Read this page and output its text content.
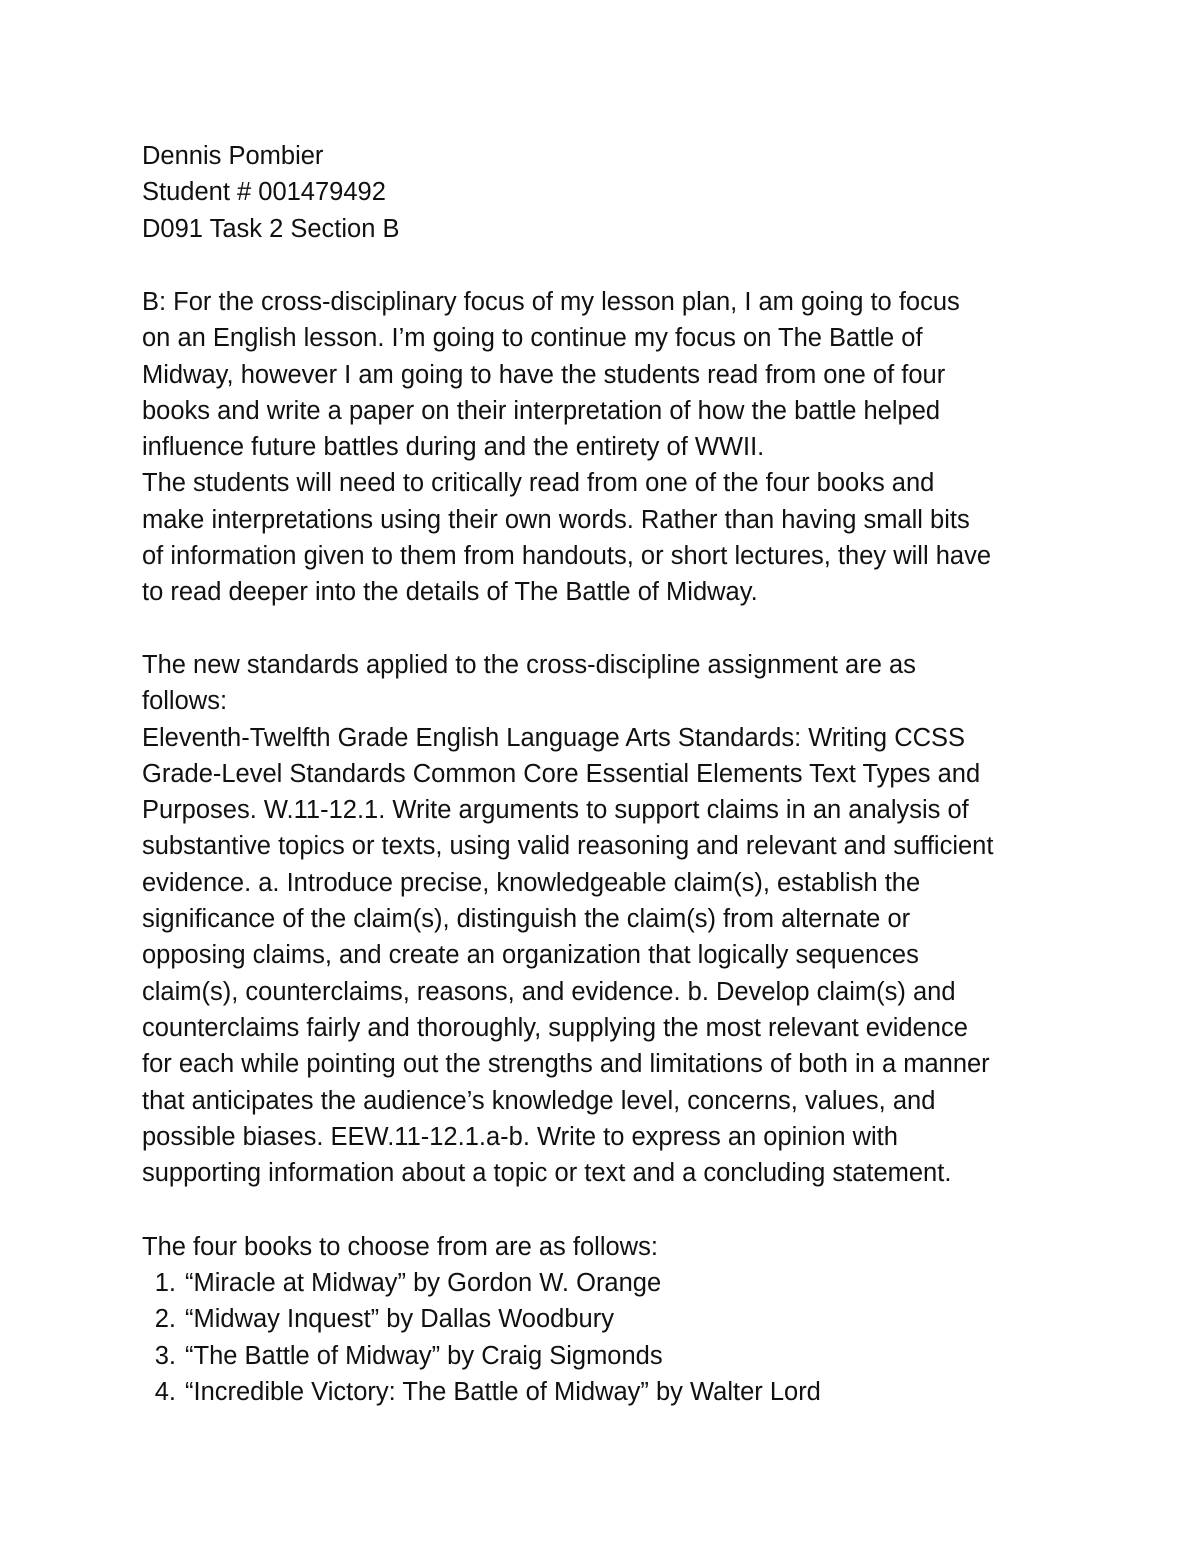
Dennis Pombier
Student # 001479492
D091 Task 2 Section B
B: For the cross-disciplinary focus of my lesson plan, I am going to focus
on an English lesson. I’m going to continue my focus on The Battle of
Midway, however I am going to have the students read from one of four
books and write a paper on their interpretation of how the battle helped
influence future battles during and the entirety of WWII.
The students will need to critically read from one of the four books and
make interpretations using their own words. Rather than having small bits
of information given to them from handouts, or short lectures, they will have
to read deeper into the details of The Battle of Midway.
The new standards applied to the cross-discipline assignment are as
follows:
Eleventh-Twelfth Grade English Language Arts Standards: Writing CCSS
Grade-Level Standards Common Core Essential Elements Text Types and
Purposes. W.11-12.1. Write arguments to support claims in an analysis of
substantive topics or texts, using valid reasoning and relevant and sufficient
evidence. a. Introduce precise, knowledgeable claim(s), establish the
significance of the claim(s), distinguish the claim(s) from alternate or
opposing claims, and create an organization that logically sequences
claim(s), counterclaims, reasons, and evidence. b. Develop claim(s) and
counterclaims fairly and thoroughly, supplying the most relevant evidence
for each while pointing out the strengths and limitations of both in a manner
that anticipates the audience’s knowledge level, concerns, values, and
possible biases. EEW.11-12.1.a-b. Write to express an opinion with
supporting information about a topic or text and a concluding statement.
The four books to choose from are as follows:
1. “Miracle at Midway” by Gordon W. Orange
2. “Midway Inquest” by Dallas Woodbury
3. “The Battle of Midway” by Craig Sigmonds
4. “Incredible Victory: The Battle of Midway” by Walter Lord
